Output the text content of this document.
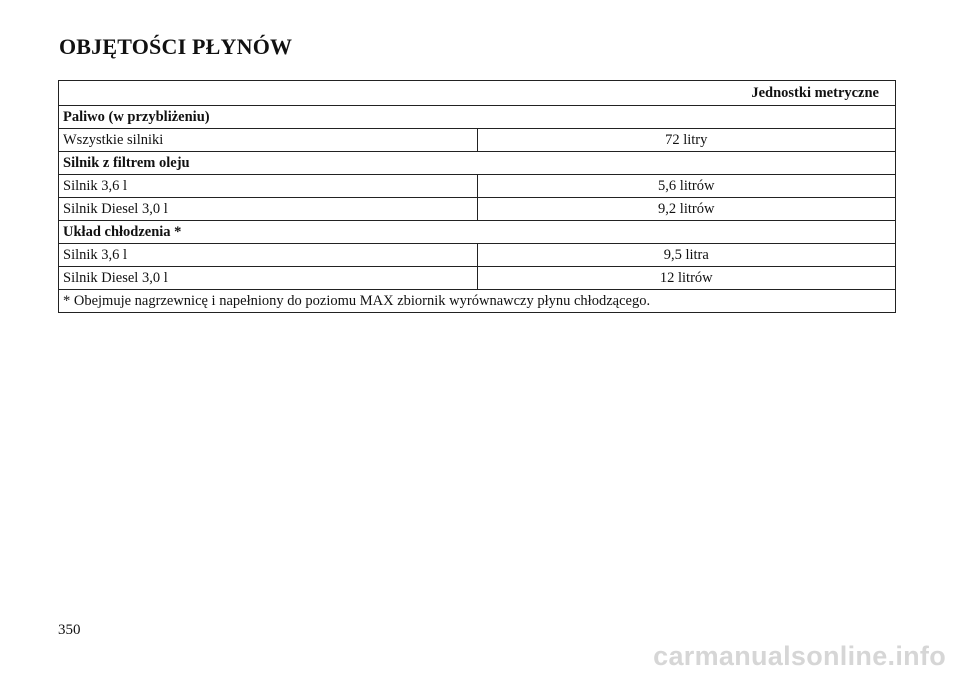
OBJĘTOŚCI PŁYNÓW
Jednostki metryczne	
Paliwo (w przybliżeniu)	
Wszystkie silniki	72 litry
Silnik z filtrem oleju	
Silnik 3,6 l	5,6 litrów
Silnik Diesel 3,0 l	9,2 litrów
Układ chłodzenia *	
Silnik 3,6 l	9,5 litra
Silnik Diesel 3,0 l	12 litrów
* Obejmuje nagrzewnicę i napełniony do poziomu MAX zbiornik wyrównawczy płynu chłodzącego.	

350

carmanualsonline.info
